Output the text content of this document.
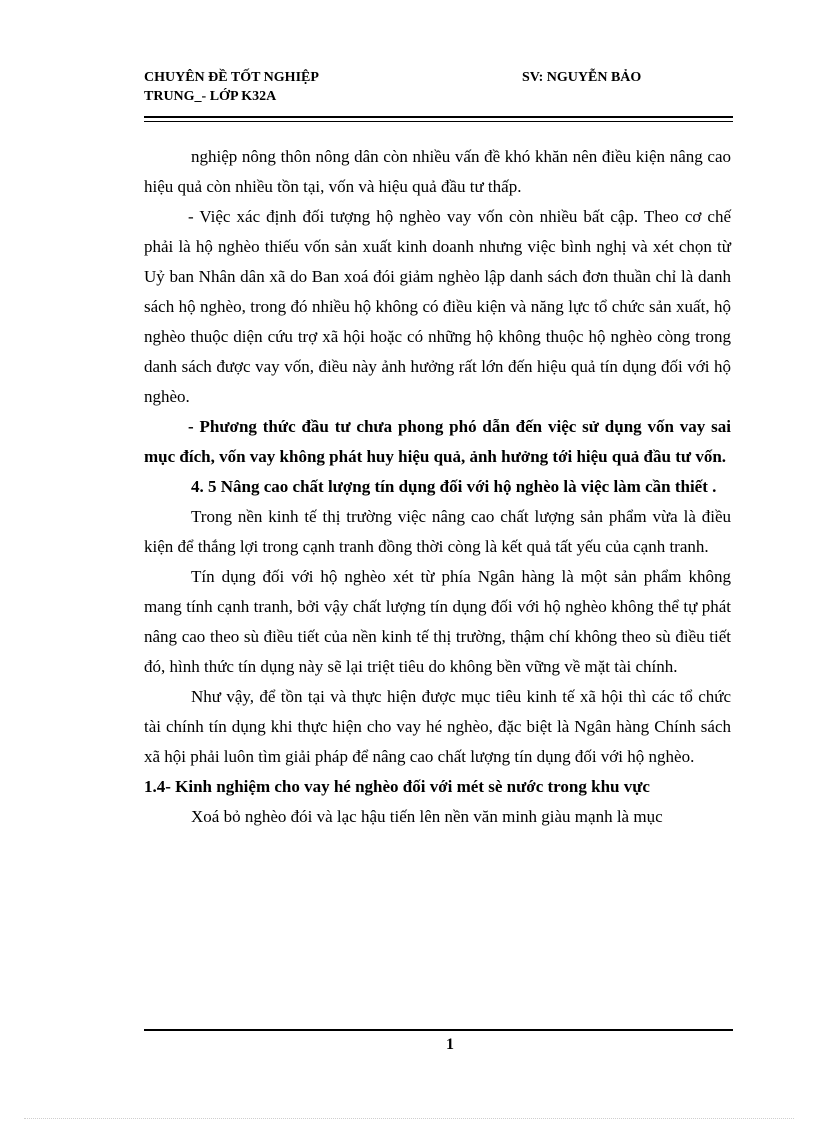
CHUYÊN ĐỀ TỐT NGHIỆP
TRUNG_- LỚP K32A
SV: NGUYỄN BẢO

nghiệp nông thôn nông dân còn nhiều vấn đề khó khăn nên điều kiện nâng cao hiệu quả còn nhiều tồn tại, vốn và hiệu quả đầu tư thấp.

- Việc xác định đối tượng hộ nghèo vay vốn còn nhiều bất cập. Theo cơ chế phải là hộ nghèo thiếu vốn sản xuất kinh doanh nhưng việc bình nghị và xét chọn từ Uỷ ban Nhân dân xã do Ban xoá đói giảm nghèo lập danh sách đơn thuần chỉ là danh sách hộ nghèo, trong đó nhiều hộ không có điều kiện và năng lực tổ chức sản xuất, hộ nghèo thuộc diện cứu trợ xã hội hoặc có những hộ không thuộc hộ nghèo còng trong danh sách được vay vốn, điều này ảnh hưởng rất lớn đến hiệu quả tín dụng đối với hộ nghèo.

- Phương thức đầu tư chưa phong phó dẫn đến việc sử dụng vốn vay sai mục đích, vốn vay không phát huy hiệu quả, ảnh hưởng tới hiệu quả đầu tư vốn.

4. 5 Nâng cao chất lượng tín dụng đối với hộ nghèo là việc làm cần thiết .

Trong nền kinh tế thị trường việc nâng cao chất lượng sản phẩm vừa là điều kiện để thắng lợi trong cạnh tranh đồng thời còng là kết quả tất yếu của cạnh tranh.

Tín dụng đối với hộ nghèo xét từ phía Ngân hàng là một sản phẩm không mang tính cạnh tranh, bởi vậy chất lượng tín dụng đối với hộ nghèo không thể tự phát nâng cao theo sù điều tiết của nền kinh tế thị trường, thậm chí không theo sù điều tiết đó, hình thức tín dụng này sẽ lại triệt tiêu do không bền vững về mặt tài chính.

Như vậy, để tồn tại và thực hiện được mục tiêu kinh tế xã hội thì các tổ chức tài chính tín dụng khi thực hiện cho vay hé nghèo, đặc biệt là Ngân hàng Chính sách xã hội phải luôn tìm giải pháp để nâng cao chất lượng tín dụng đối với hộ nghèo.

1.4- Kinh nghiệm cho vay hé nghèo đối với mét sè nước trong khu vực

Xoá bỏ nghèo đói và lạc hậu tiến lên nền văn minh giàu mạnh là mục

1
